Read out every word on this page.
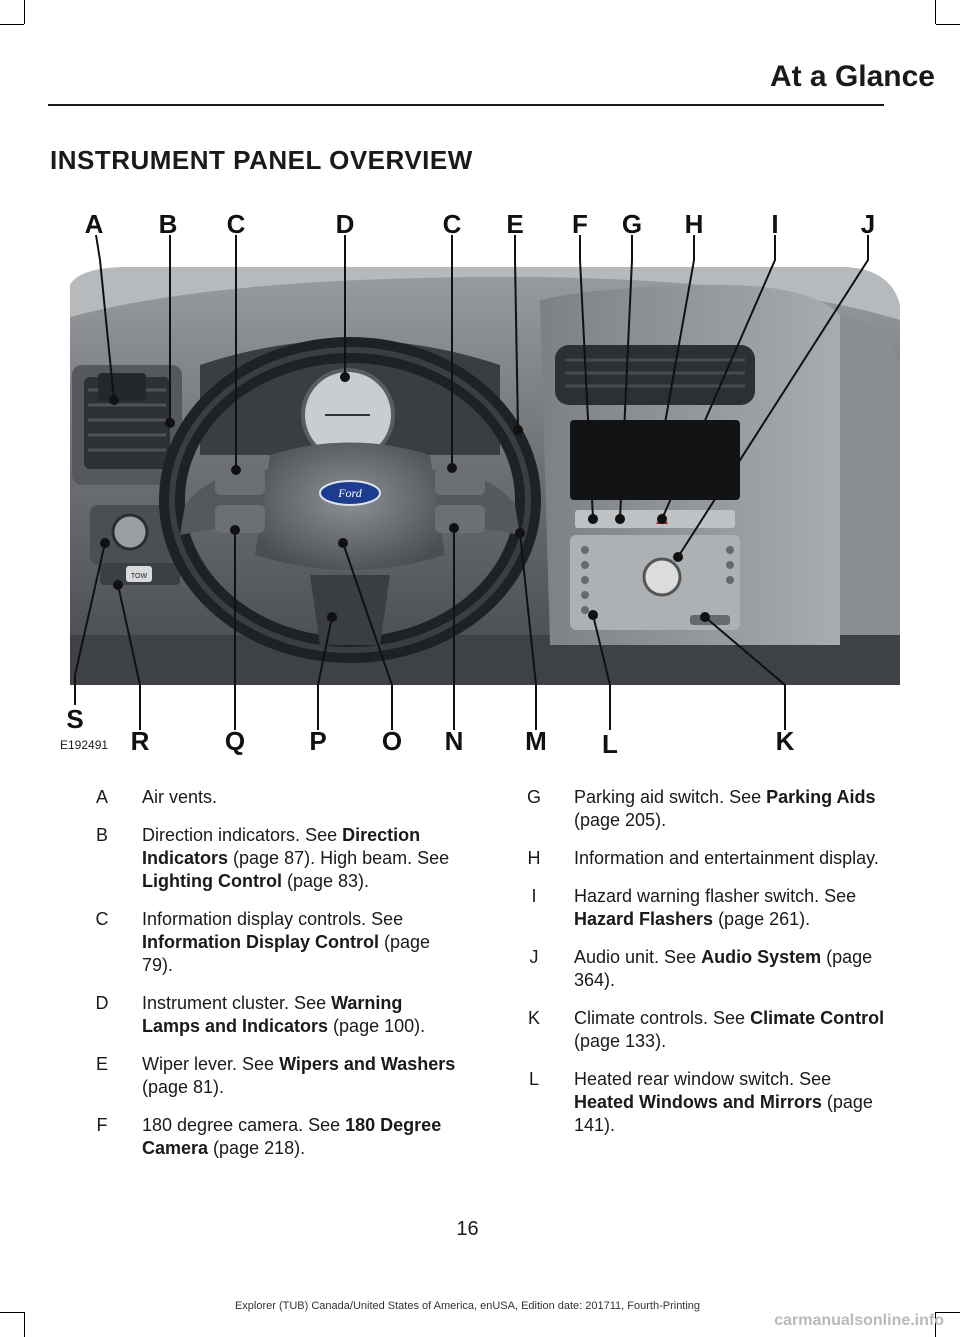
At a Glance
INSTRUMENT PANEL OVERVIEW
TOW
Ford
A B C	D	C E F G H	I	J
S
R	Q P O N M L	K
E192491
A	Air vents.
B	Direction indicators. See Direction Indicators (page 87). High beam. See Lighting Control (page 83).
C	Information display controls. See Information Display Control (page 79).
D	Instrument cluster. See Warning Lamps and Indicators (page 100).
E	Wiper lever. See Wipers and Washers (page 81).
F	180 degree camera. See 180 Degree Camera (page 218).
G	Parking aid switch. See Parking Aids (page 205).
H	Information and entertainment display.
I	Hazard warning flasher switch. See Hazard Flashers (page 261).
J	Audio unit. See Audio System (page 364).
K	Climate controls. See Climate Control (page 133).
L	Heated rear window switch. See Heated Windows and Mirrors (page 141).
16
Explorer (TUB) Canada/United States of America, enUSA, Edition date: 201711, Fourth-Printing
carmanualsonline.info
